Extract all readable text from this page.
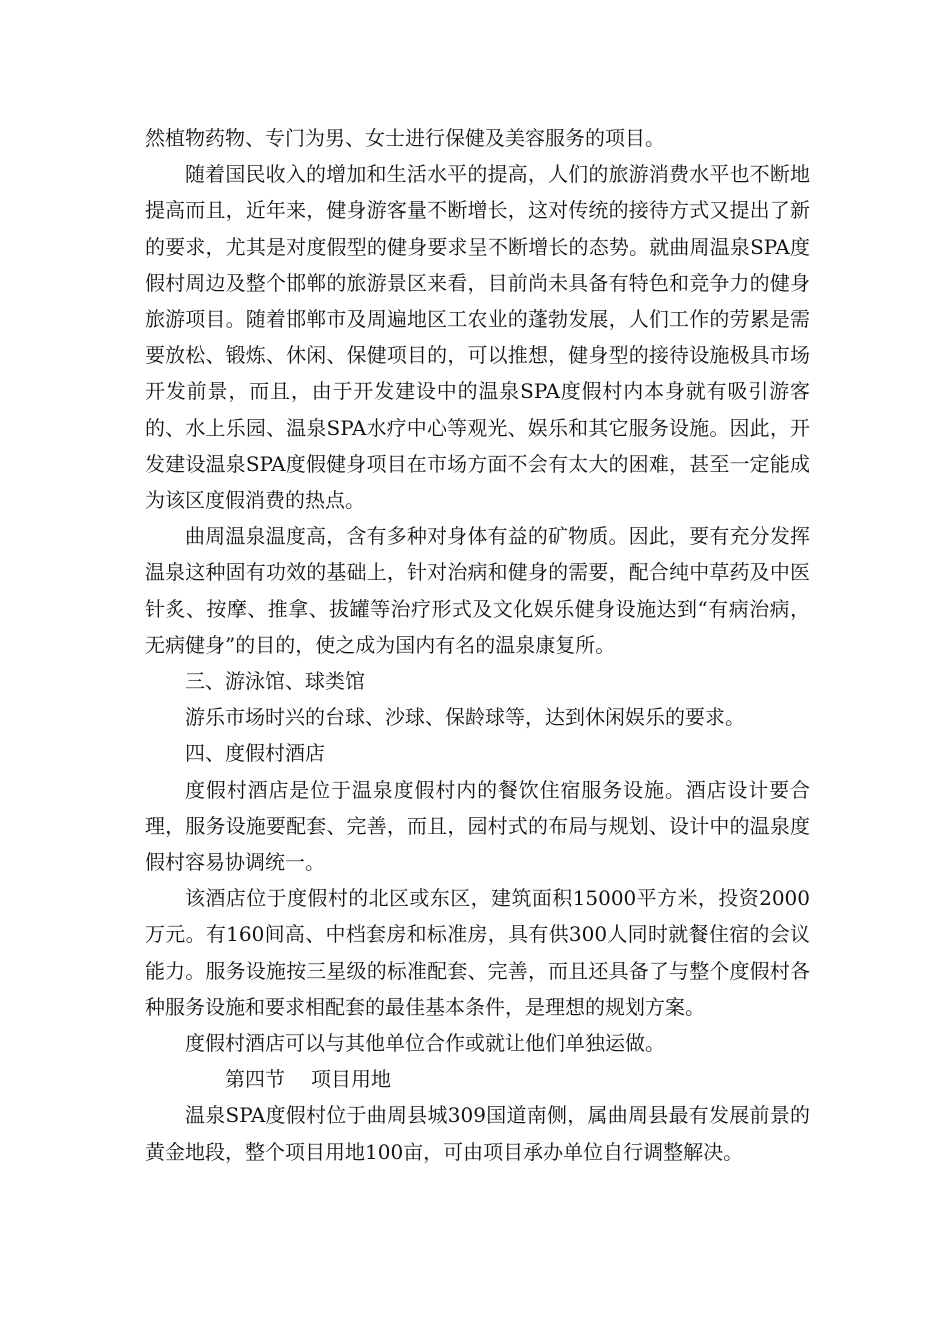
然植物药物、专门为男、女士进行保健及美容服务的项目。

随着国民收入的增加和生活水平的提高，人们的旅游消费水平也不断地提高而且，近年来，健身游客量不断增长，这对传统的接待方式又提出了新的要求，尤其是对度假型的健身要求呈不断增长的态势。就曲周温泉SPA度假村周边及整个邯郸的旅游景区来看，目前尚未具备有特色和竞争力的健身旅游项目。随着邯郸市及周遍地区工农业的蓬勃发展，人们工作的劳累是需要放松、锻炼、休闲、保健项目的，可以推想，健身型的接待设施极具市场开发前景，而且，由于开发建设中的温泉SPA度假村内本身就有吸引游客的、水上乐园、温泉SPA水疗中心等观光、娱乐和其它服务设施。因此，开发建设温泉SPA度假健身项目在市场方面不会有太大的困难，甚至一定能成为该区度假消费的热点。

曲周温泉温度高，含有多种对身体有益的矿物质。因此，要有充分发挥温泉这种固有功效的基础上，针对治病和健身的需要，配合纯中草药及中医针炙、按摩、推拿、拔罐等治疗形式及文化娱乐健身设施达到“有病治病，无病健身”的目的，使之成为国内有名的温泉康复所。

三、游泳馆、球类馆

游乐市场时兴的台球、沙球、保龄球等，达到休闲娱乐的要求。

四、度假村酒店

度假村酒店是位于温泉度假村内的餐饮住宿服务设施。酒店设计要合理，服务设施要配套、完善，而且，园村式的布局与规划、设计中的温泉度假村容易协调统一。

该酒店位于度假村的北区或东区，建筑面积15000平方米，投资2000万元。有160间高、中档套房和标准房，具有供300人同时就餐住宿的会议能力。服务设施按三星级的标准配套、完善，而且还具备了与整个度假村各种服务设施和要求相配套的最佳基本条件，是理想的规划方案。

度假村酒店可以与其他单位合作或就让他们单独运做。

第四节 项目用地

温泉SPA度假村位于曲周县城309国道南侧，属曲周县最有发展前景的黄金地段，整个项目用地100亩，可由项目承办单位自行调整解决。
